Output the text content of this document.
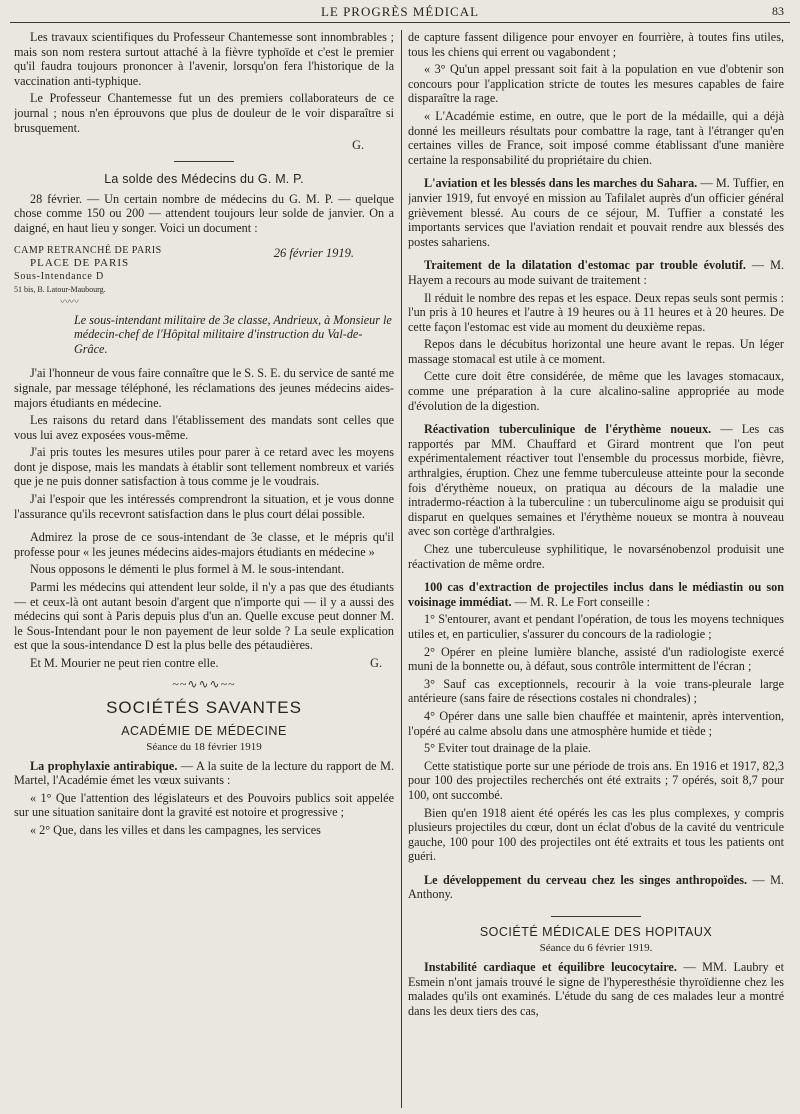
LE PROGRÈS MÉDICAL	83

Les travaux scientifiques du Professeur Chantemesse sont innombrables ; mais son nom restera surtout attaché à la fièvre typhoïde et c'est le premier qu'il faudra toujours prononcer à l'avenir, lorsqu'on fera l'historique de la vaccination anti-typhique.

Le Professeur Chantemesse fut un des premiers collaborateurs de ce journal ; nous n'en éprouvons que plus de douleur de le voir disparaître si brusquement.

G.

La solde des Médecins du G. M. P.

28 février. — Un certain nombre de médecins du G. M. P. — quelque chose comme 150 ou 200 — attendent toujours leur solde de janvier. On a daigné, en haut lieu y songer. Voici un document :

CAMP RETRANCHÉ DE PARIS
PLACE DE PARIS
Sous-Intendance D
51 bis, B. Latour-Maubourg.
〰〰
26 février 1919.
Le sous-intendant militaire de 3e classe, Andrieux, à Monsieur le médecin-chef de l'Hôpital militaire d'instruction du Val-de-Grâce.

J'ai l'honneur de vous faire connaître que le S. S. E. du service de santé me signale, par message téléphoné, les réclamations des jeunes médecins aides-majors étudiants en médecine.

Les raisons du retard dans l'établissement des mandats sont celles que vous lui avez exposées vous-même.

J'ai pris toutes les mesures utiles pour parer à ce retard avec les moyens dont je dispose, mais les mandats à établir sont tellement nombreux et variés que je ne puis donner satisfaction à tous comme je le voudrais.

J'ai l'espoir que les intéressés comprendront la situation, et je vous donne l'assurance qu'ils recevront satisfaction dans le plus court délai possible.

Admirez la prose de ce sous-intendant de 3e classe, et le mépris qu'il professe pour « les jeunes médecins aides-majors étudiants en médecine »

Nous opposons le démenti le plus formel à M. le sous-intendant.

Parmi les médecins qui attendent leur solde, il n'y a pas que des étudiants — et ceux-là ont autant besoin d'argent que n'importe qui — il y a aussi des médecins qui sont à Paris depuis plus d'un an. Quelle excuse peut donner M. le Sous-Intendant pour le non payement de leur solde ? La seule explication est que la sous-intendance D est la plus belle des pétaudières.

Et M. Mourier ne peut rien contre elle.	G.
~~∿∿∿~~
SOCIÉTÉS SAVANTES
ACADÉMIE DE MÉDECINE
Séance du 18 février 1919

La prophylaxie antirabique. — A la suite de la lecture du rapport de M. Martel, l'Académie émet les vœux suivants :

« 1° Que l'attention des législateurs et des Pouvoirs publics soit appelée sur une situation sanitaire dont la gravité est notoire et progressive ;

« 2° Que, dans les villes et dans les campagnes, les services

de capture fassent diligence pour envoyer en fourrière, à toutes fins utiles, tous les chiens qui errent ou vagabondent ;

« 3° Qu'un appel pressant soit fait à la population en vue d'obtenir son concours pour l'application stricte de toutes les mesures capables de faire disparaître la rage.

« L'Académie estime, en outre, que le port de la médaille, qui a déjà donné les meilleurs résultats pour combattre la rage, tant à l'étranger qu'en certaines villes de France, soit imposé comme établissant d'une manière certaine la responsabilité du propriétaire du chien.

L'aviation et les blessés dans les marches du Sahara. — M. Tuffier, en janvier 1919, fut envoyé en mission au Tafilalet auprès d'un officier général grièvement blessé. Au cours de ce séjour, M. Tuffier a constaté les importants services que l'aviation rendait et pouvait rendre aux blessés des postes sahariens.

Traitement de la dilatation d'estomac par trouble évolutif. — M. Hayem a recours au mode suivant de traitement :

Il réduit le nombre des repas et les espace. Deux repas seuls sont permis : l'un pris à 10 heures et l'autre à 19 heures ou à 11 heures et à 20 heures. De cette façon l'estomac est vide au moment du deuxième repas.

Repos dans le décubitus horizontal une heure avant le repas. Un léger massage stomacal est utile à ce moment.

Cette cure doit être considérée, de même que les lavages stomacaux, comme une préparation à la cure alcalino-saline appropriée au mode d'évolution de la digestion.

Réactivation tuberculinique de l'érythème noueux. — Les cas rapportés par MM. Chauffard et Girard montrent que l'on peut expérimentalement réactiver tout l'ensemble du processus morbide, fièvre, arthralgies, éruption. Chez une femme tuberculeuse atteinte pour la seconde fois d'érythème noueux, on pratiqua au décours de la maladie une intradermo-réaction à la tuberculine : un tuberculinome aigu se produisit qui disparut en quelques semaines et l'érythème noueux se montra à nouveau avec son cortège d'arthralgies.

Chez une tuberculeuse syphilitique, le novarsénobenzol produisit une réactivation de même ordre.

100 cas d'extraction de projectiles inclus dans le médiastin ou son voisinage immédiat. — M. R. Le Fort conseille :

1° S'entourer, avant et pendant l'opération, de tous les moyens techniques utiles et, en particulier, s'assurer du concours de la radiologie ;

2° Opérer en pleine lumière blanche, assisté d'un radiologiste exercé muni de la bonnette ou, à défaut, sous contrôle intermittent de l'écran ;

3° Sauf cas exceptionnels, recourir à la voie trans-pleurale large antérieure (sans faire de résections costales ni chondrales) ;

4° Opérer dans une salle bien chauffée et maintenir, après intervention, l'opéré au calme absolu dans une atmosphère humide et tiède ;

5° Eviter tout drainage de la plaie.

Cette statistique porte sur une période de trois ans. En 1916 et 1917, 82,3 pour 100 des projectiles recherchés ont été extraits ; 7 opérés, soit 8,7 pour 100, ont succombé.

Bien qu'en 1918 aient été opérés les cas les plus complexes, y compris plusieurs projectiles du cœur, dont un éclat d'obus de la cavité du ventricule gauche, 100 pour 100 des projectiles ont été extraits et tous les patients ont guéri.

Le développement du cerveau chez les singes anthropoïdes. — M. Anthony.

SOCIÉTÉ MÉDICALE DES HOPITAUX
Séance du 6 février 1919.

Instabilité cardiaque et équilibre leucocytaire. — MM. Laubry et Esmein n'ont jamais trouvé le signe de l'hyperesthésie thyroïdienne chez les malades qu'ils ont examinés. L'étude du sang de ces malades leur a montré dans les deux tiers des cas,
